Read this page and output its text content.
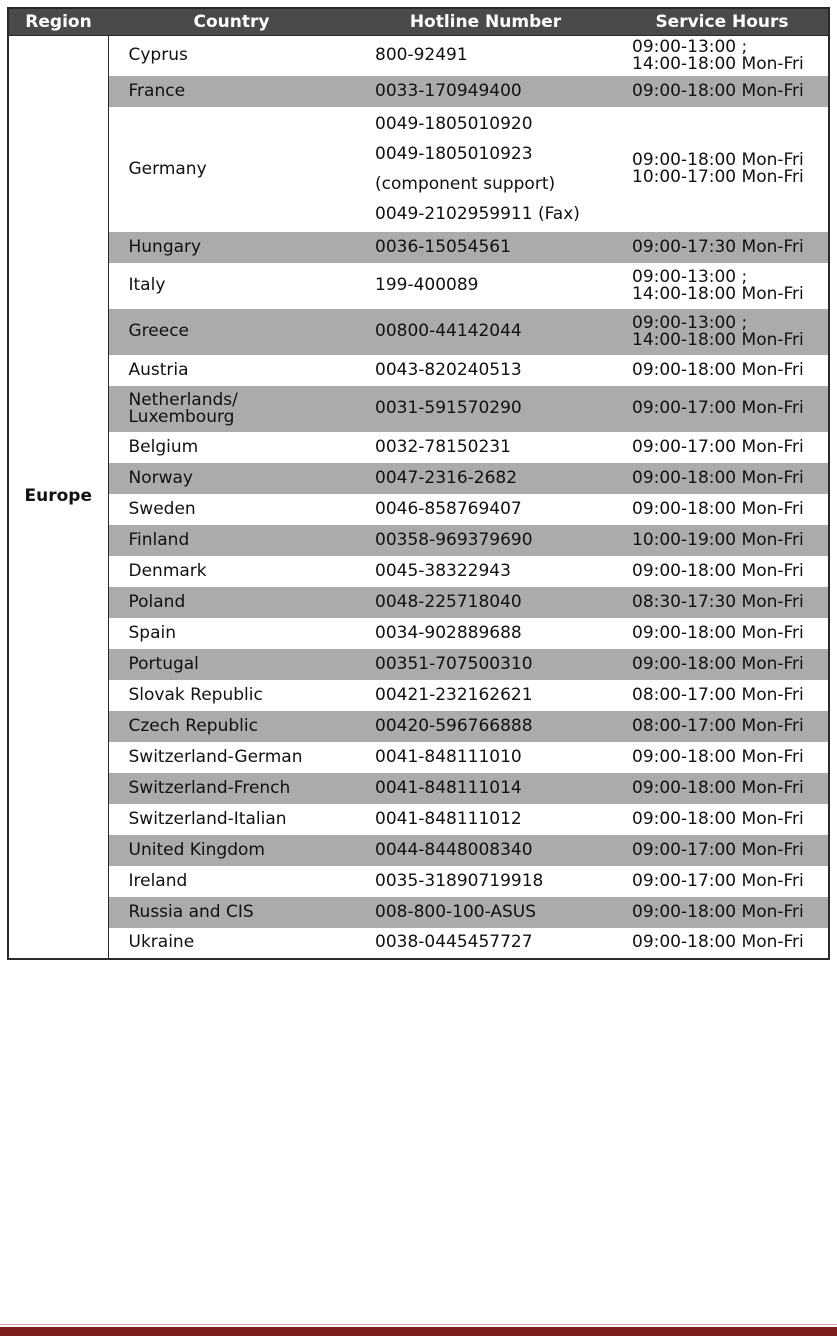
Region	Country	Hotline Number	Service Hours
Europe	Cyprus	800-92491	09:00-13:00 ;
14:00-18:00 Mon-Fri

	France	0033-170949400	09:00-18:00 Mon-Fri

	Germany	0049-1805010920
0049-1805010923
(component support)
0049-2102959911 (Fax)	09:00-18:00 Mon-Fri
10:00-17:00 Mon-Fri

	Hungary	0036-15054561	09:00-17:30 Mon-Fri

	Italy	199-400089	09:00-13:00 ;
14:00-18:00 Mon-Fri

	Greece	00800-44142044	09:00-13:00 ;
14:00-18:00 Mon-Fri

	Austria	0043-820240513	09:00-18:00 Mon-Fri

	Netherlands/
Luxembourg	0031-591570290	09:00-17:00 Mon-Fri

	Belgium	0032-78150231	09:00-17:00 Mon-Fri

	Norway	0047-2316-2682	09:00-18:00 Mon-Fri

	Sweden	0046-858769407	09:00-18:00 Mon-Fri

	Finland	00358-969379690	10:00-19:00 Mon-Fri

	Denmark	0045-38322943	09:00-18:00 Mon-Fri

	Poland	0048-225718040	08:30-17:30 Mon-Fri

	Spain	0034-902889688	09:00-18:00 Mon-Fri

	Portugal	00351-707500310	09:00-18:00 Mon-Fri

	Slovak Republic	00421-232162621	08:00-17:00 Mon-Fri

	Czech Republic	00420-596766888	08:00-17:00 Mon-Fri

	Switzerland-German	0041-848111010	09:00-18:00 Mon-Fri

	Switzerland-French	0041-848111014	09:00-18:00 Mon-Fri

	Switzerland-Italian	0041-848111012	09:00-18:00 Mon-Fri

	United Kingdom	0044-8448008340	09:00-17:00 Mon-Fri

	Ireland	0035-31890719918	09:00-17:00 Mon-Fri

	Russia and CIS	008-800-100-ASUS	09:00-18:00 Mon-Fri

	Ukraine	0038-0445457727	09:00-18:00 Mon-Fri
